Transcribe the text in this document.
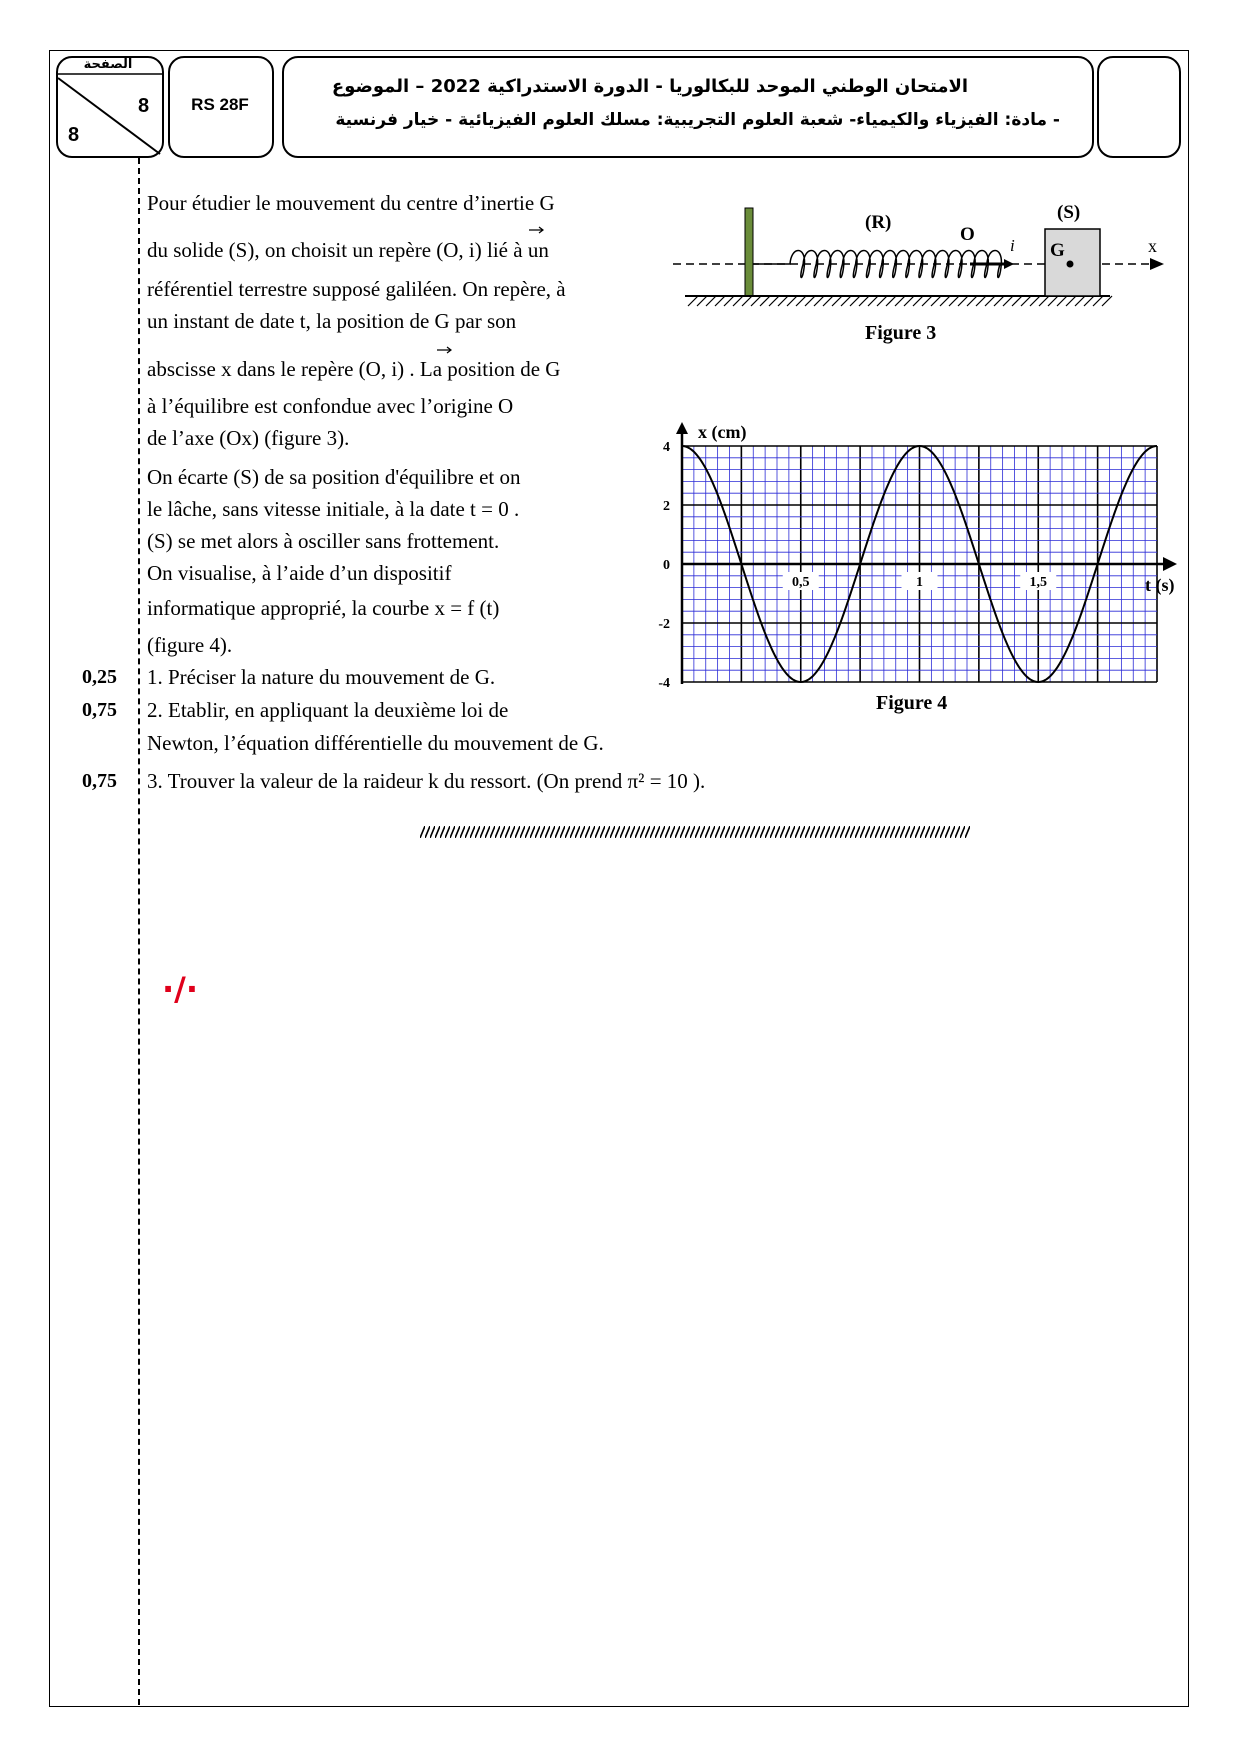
الصفحة
8
8
RS 28F
الامتحان الوطني الموحد للبكالوريا - الدورة الاستدراكية 2022 – الموضوع
- مادة: الفيزياء والكيمياء- شعبة العلوم التجريبية: مسلك العلوم الفيزيائية - خيار فرنسية
Pour étudier le mouvement du centre d’inertie G
du solide (S), on choisit un repère (O, i) lié à un
référentiel terrestre supposé galiléen. On repère, à
un instant de date t, la position de G par son
abscisse x dans le repère (O, i) . La position de G
à l’équilibre est confondue avec l’origine O
de l’axe (Ox) (figure 3).
On écarte (S) de sa position d'équilibre et on
le lâche, sans vitesse initiale, à la date t = 0 .
(S) se met alors à osciller sans frottement.
On visualise, à l’aide d’un dispositif
informatique approprié, la courbe x = f (t)
(figure 4).
1. Préciser la nature du mouvement de G.
2. Etablir, en appliquant la deuxième loi de
Newton, l’équation différentielle du mouvement de G.
3. Trouver la valeur de la raideur k du ressort. (On prend π² = 10 ).
0,25
0,75
0,75
(R)	(S)
O
i G	x
Figure 3
4
2
0
-2
-4
0,5	1	1,5
x (cm)
t (s)
Figure 4
·/·
